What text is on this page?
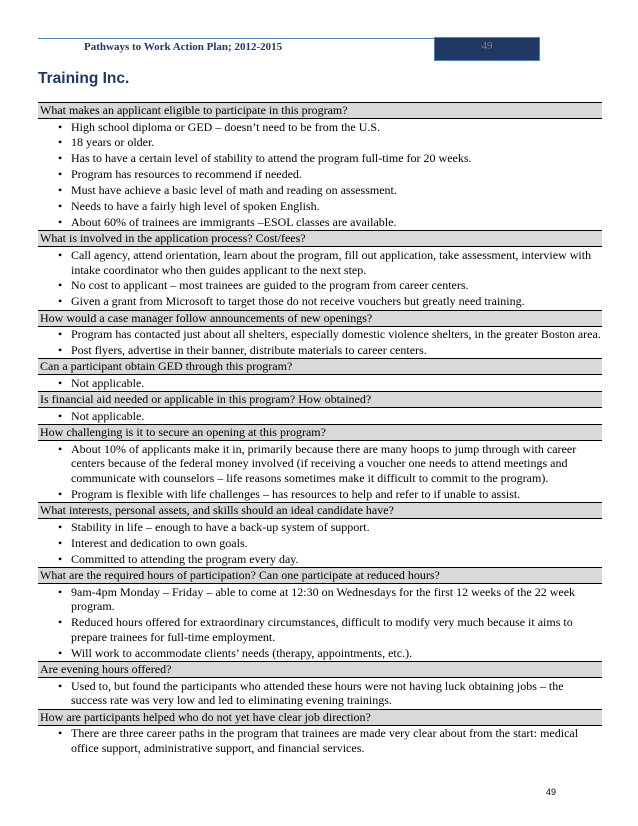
Pathways to Work Action Plan; 2012-2015	49
Training Inc.
What makes an applicant eligible to participate in this program?
• High school diploma or GED – doesn’t need to be from the U.S.
• 18 years or older.
• Has to have a certain level of stability to attend the program full-time for 20 weeks.
• Program has resources to recommend if needed.
• Must have achieve a basic level of math and reading on assessment.
• Needs to have a fairly high level of spoken English.
• About 60% of trainees are immigrants –ESOL classes are available.
What is involved in the application process? Cost/fees?
• Call agency, attend orientation, learn about the program, fill out application, take assessment, interview with intake coordinator who then guides applicant to the next step.
• No cost to applicant – most trainees are guided to the program from career centers.
• Given a grant from Microsoft to target those do not receive vouchers but greatly need training.
How would a case manager follow announcements of new openings?
• Program has contacted just about all shelters, especially domestic violence shelters, in the greater Boston area.
• Post flyers, advertise in their banner, distribute materials to career centers.
Can a participant obtain GED through this program?
• Not applicable.
Is financial aid needed or applicable in this program? How obtained?
• Not applicable.
How challenging is it to secure an opening at this program?
• About 10% of applicants make it in, primarily because there are many hoops to jump through with career centers because of the federal money involved (if receiving a voucher one needs to attend meetings and communicate with counselors – life reasons sometimes make it difficult to commit to the program).
• Program is flexible with life challenges – has resources to help and refer to if unable to assist.
What interests, personal assets, and skills should an ideal candidate have?
• Stability in life – enough to have a back-up system of support.
• Interest and dedication to own goals.
• Committed to attending the program every day.
What are the required hours of participation? Can one participate at reduced hours?
• 9am-4pm Monday – Friday – able to come at 12:30 on Wednesdays for the first 12 weeks of the 22 week program.
• Reduced hours offered for extraordinary circumstances, difficult to modify very much because it aims to prepare trainees for full-time employment.
• Will work to accommodate clients’ needs (therapy, appointments, etc.).
Are evening hours offered?
• Used to, but found the participants who attended these hours were not having luck obtaining jobs – the success rate was very low and led to eliminating evening trainings.
How are participants helped who do not yet have clear job direction?
• There are three career paths in the program that trainees are made very clear about from the start: medical office support, administrative support, and financial services.
49
